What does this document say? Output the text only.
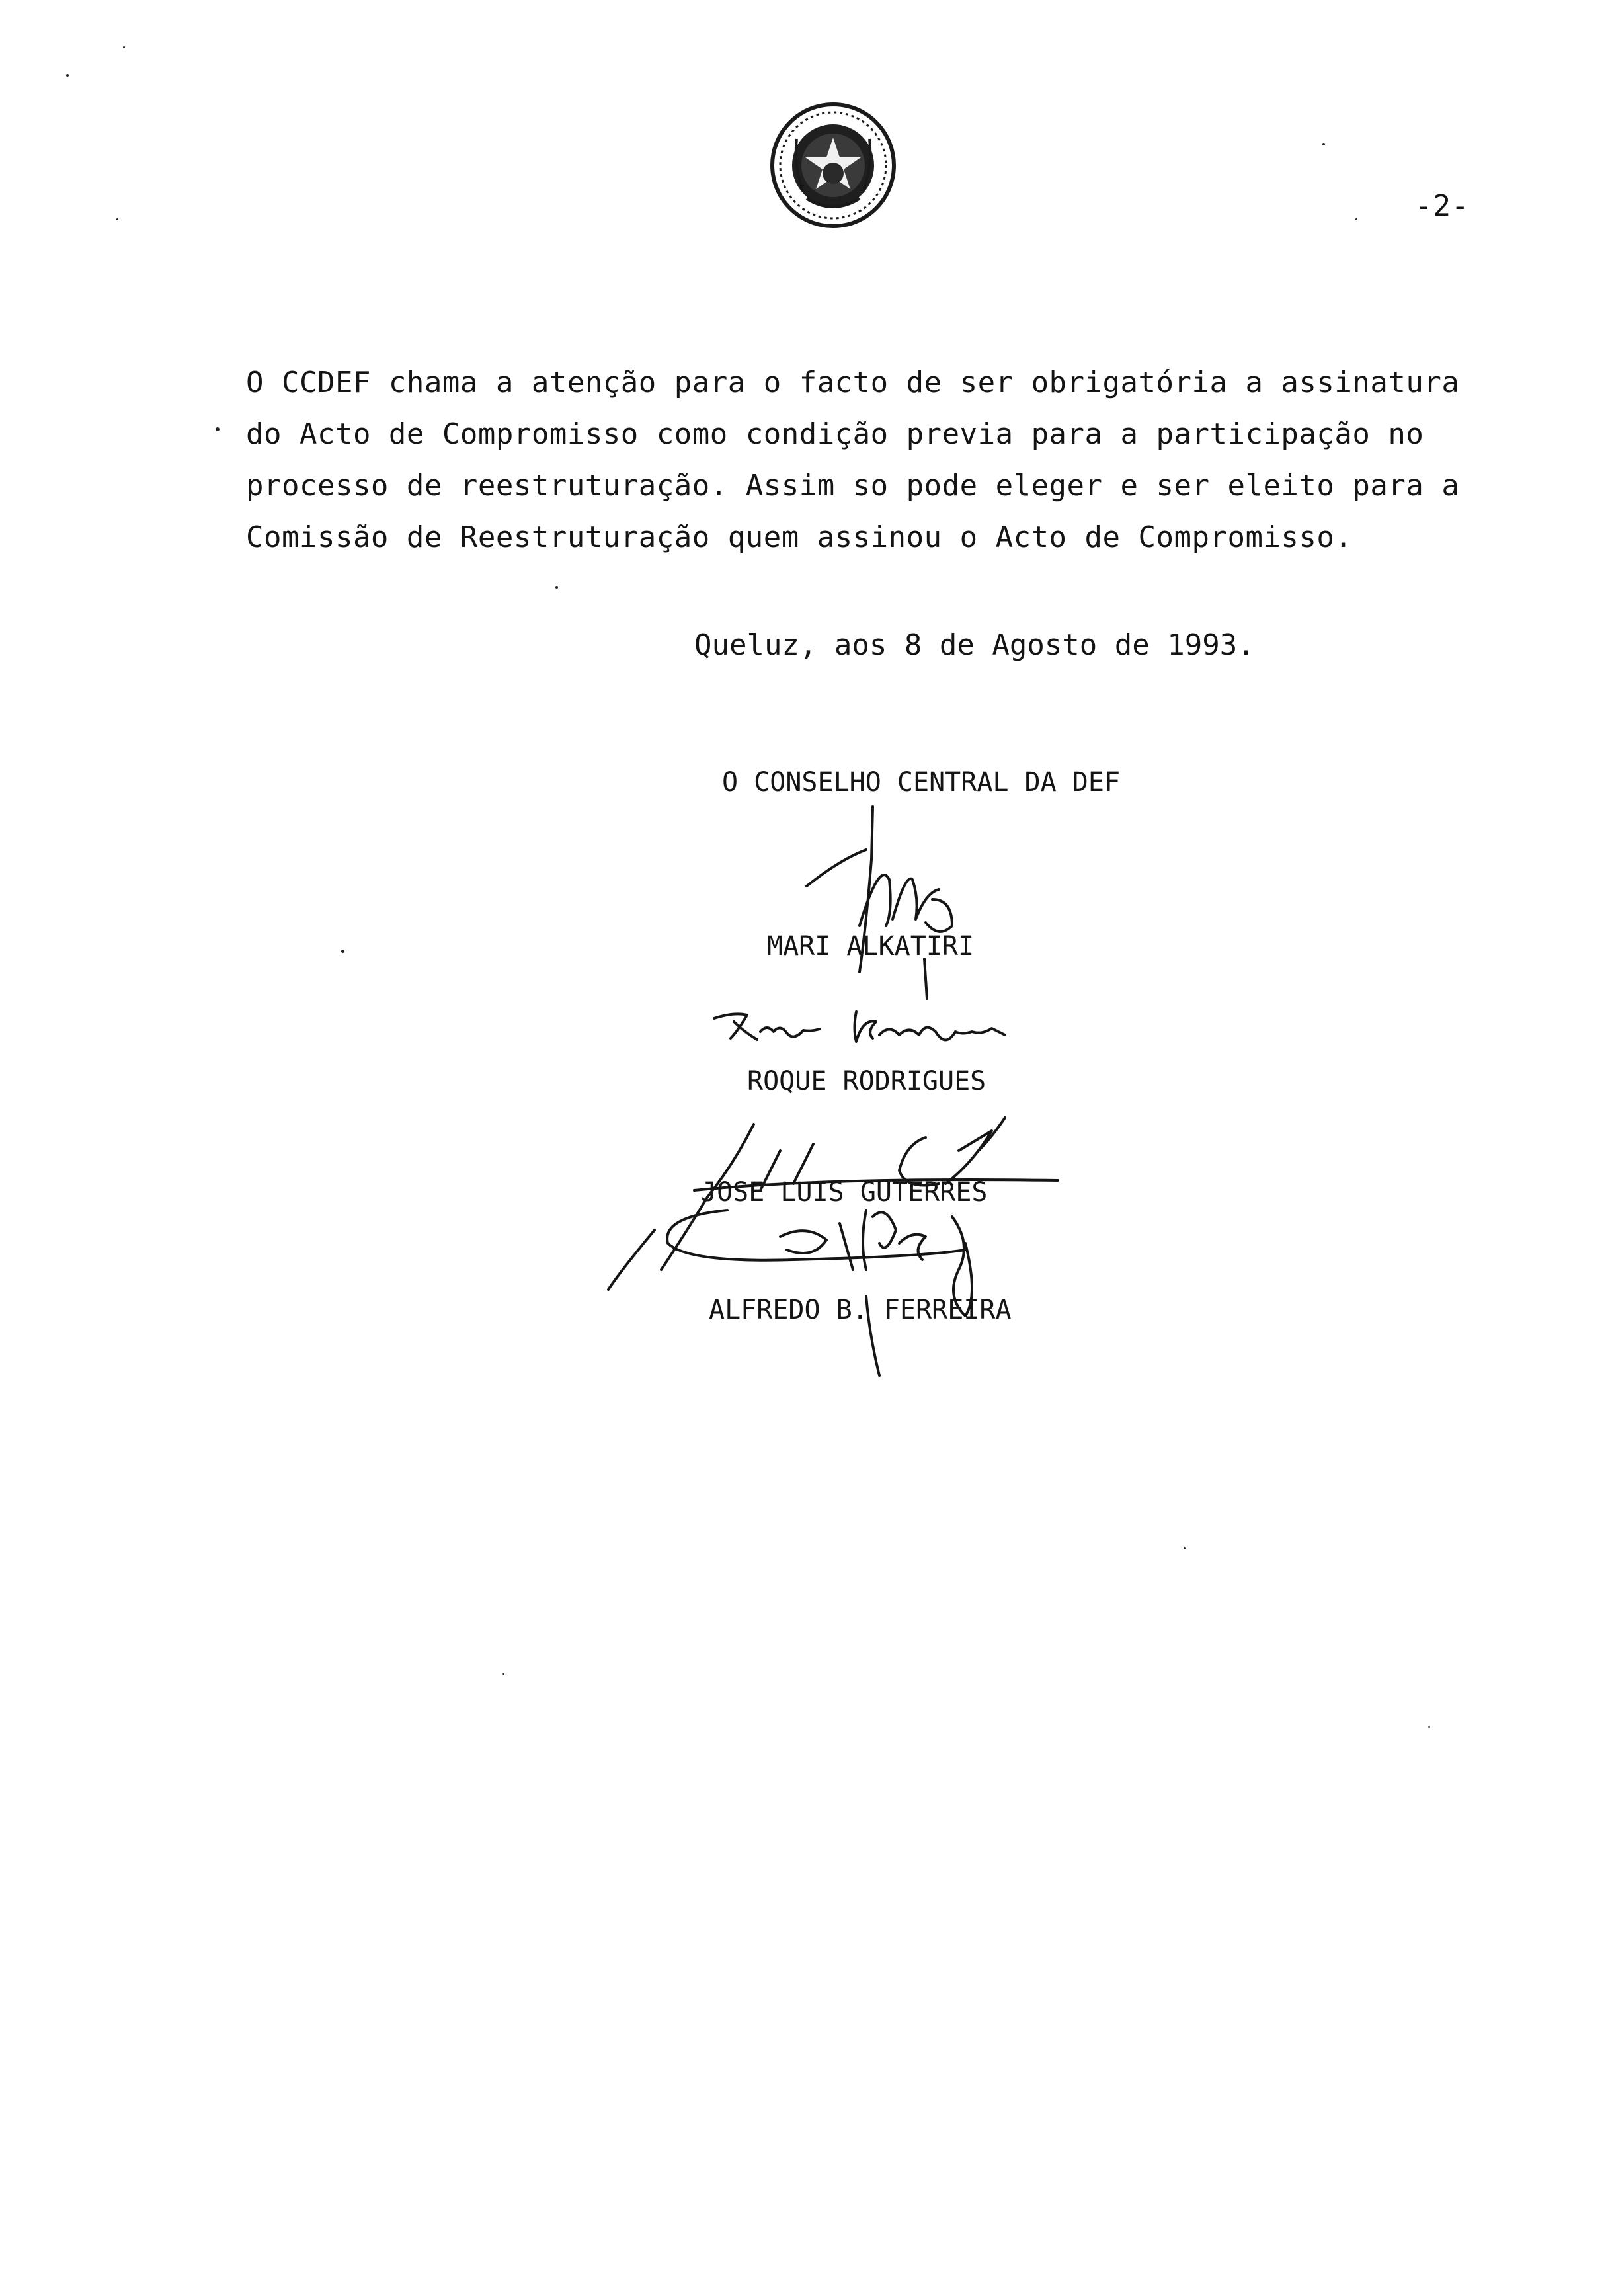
-2-
O CCDEF chama a atenção para o facto de ser obrigatória a assinatura
do Acto de Compromisso como condição previa para a participação no
processo de reestruturação. Assim so pode eleger e ser eleito para a
Comissão de Reestruturação quem assinou o Acto de Compromisso.
Queluz, aos 8 de Agosto de 1993.
O CONSELHO CENTRAL DA DEF
MARI ALKATIRI
ROQUE RODRIGUES
JOSE LUIS GUTERRES
ALFREDO B. FERREIRA
